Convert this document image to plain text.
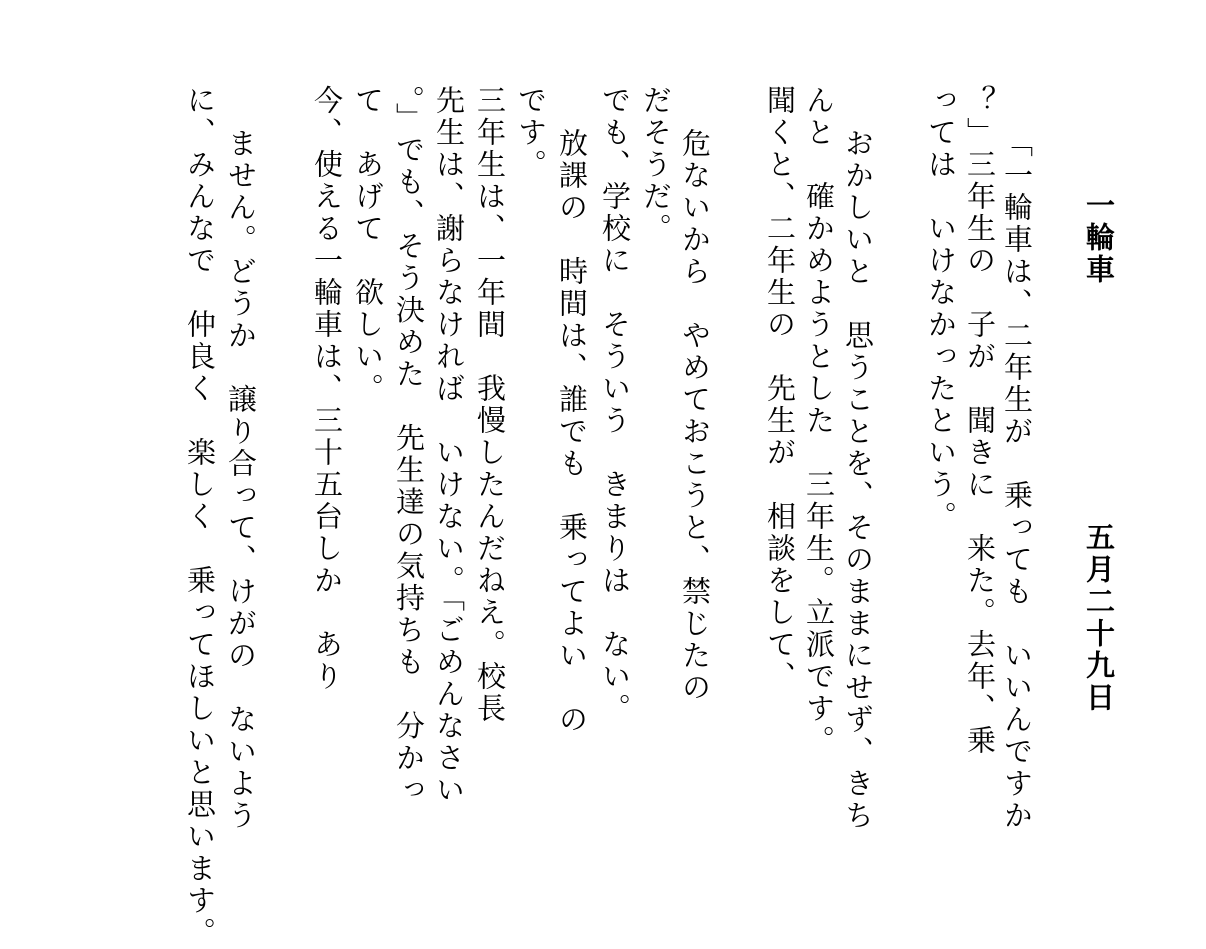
一輪車
五月二十九日
「一輪車は、二年生が　乗っても　いいんですか
？」三年生の　子が　聞きに　来た。去年、乗
っては　いけなかったという。
おかしいと　思うことを、そのままにせず、きち
んと　確かめようとした　三年生。立派です。
聞くと、二年生の　先生が　相談をして、
危ないから　やめておこうと、禁じたの
だそうだ。
でも、学校に　そういう　きまりは　ない。
放課の　時間は、誰でも　乗ってよい　の
です。
三年生は、一年間　我慢したんだねえ。校長
先生は、謝らなければ　いけない。「ごめんなさい
。」でも、そう決めた　先生達の気持ちも　分かっ
て　あげて　欲しい。
今、使える一輪車は、三十五台しか　あり
ません。どうか　譲り合って、けがの　ないよう
に、みんなで　仲良く　楽しく　乗ってほしいと思います。
